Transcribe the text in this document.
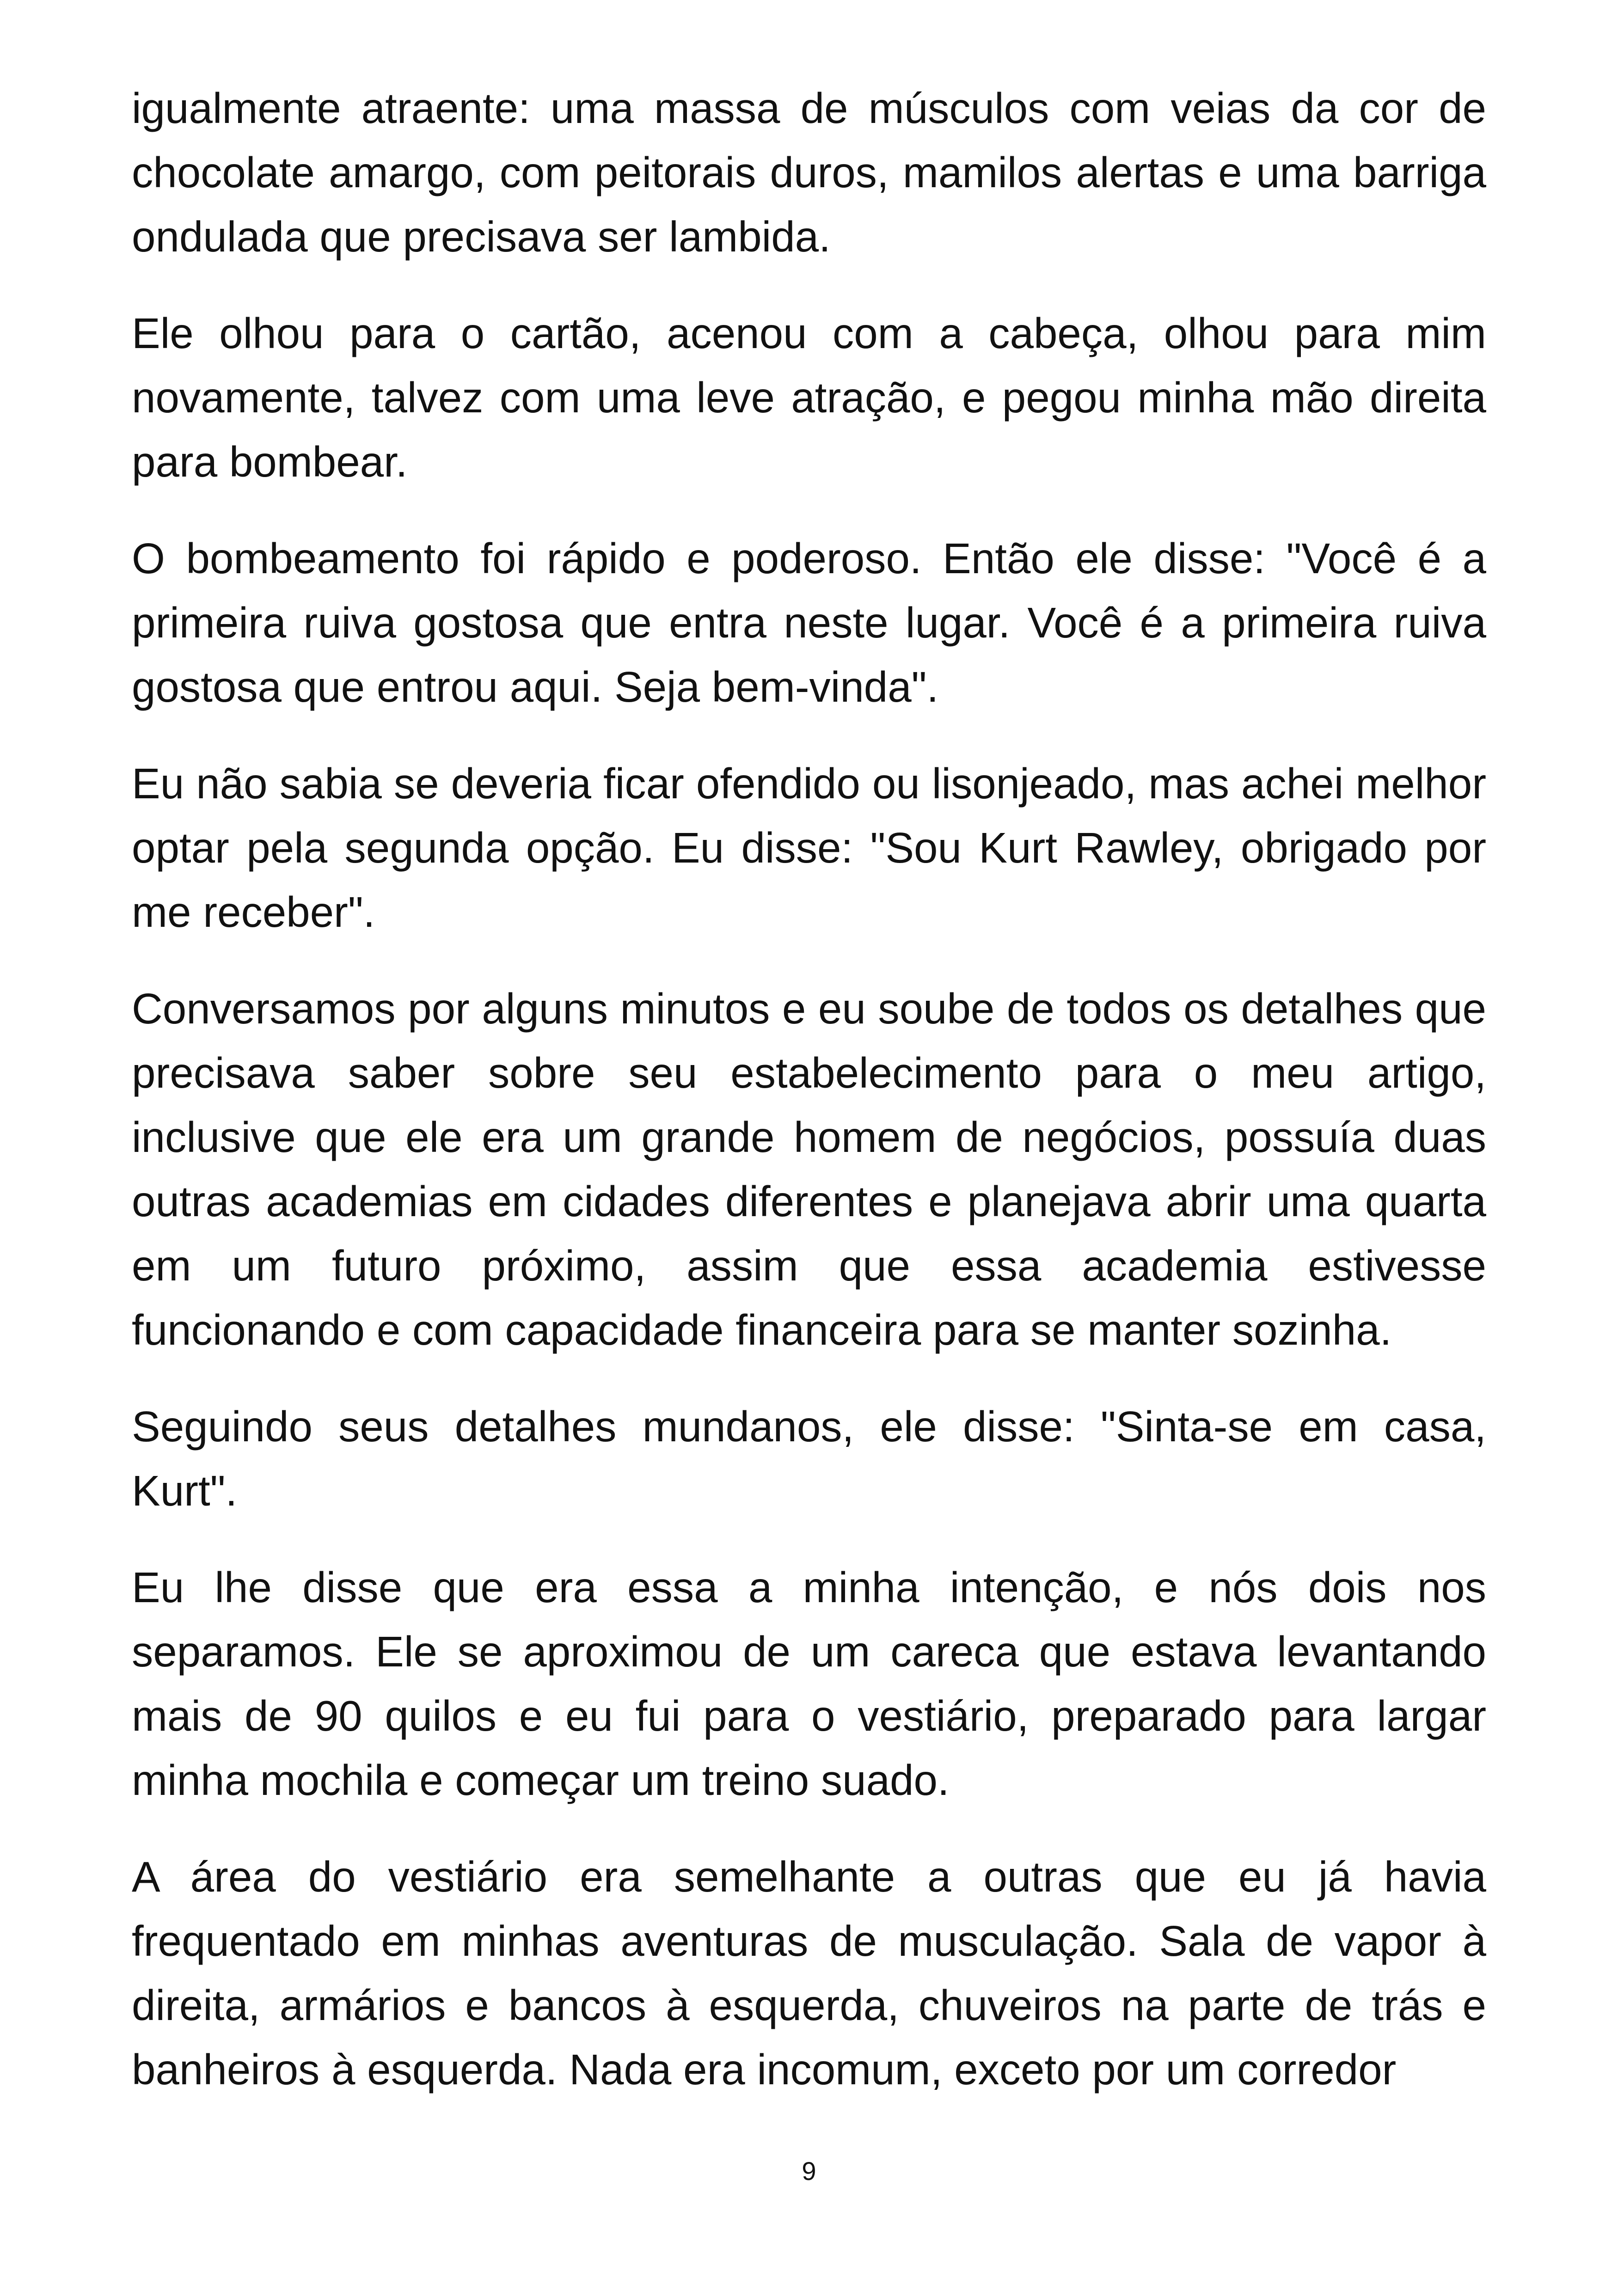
igualmente atraente: uma massa de músculos com veias da cor de chocolate amargo, com peitorais duros, mamilos alertas e uma barriga ondulada que precisava ser lambida.

Ele olhou para o cartão, acenou com a cabeça, olhou para mim novamente, talvez com uma leve atração, e pegou minha mão direita para bombear.

O bombeamento foi rápido e poderoso. Então ele disse: "Você é a primeira ruiva gostosa que entra neste lugar. Você é a primeira ruiva gostosa que entrou aqui. Seja bem-vinda".

Eu não sabia se deveria ficar ofendido ou lisonjeado, mas achei melhor optar pela segunda opção. Eu disse: "Sou Kurt Rawley, obrigado por me receber".

Conversamos por alguns minutos e eu soube de todos os detalhes que precisava saber sobre seu estabelecimento para o meu artigo, inclusive que ele era um grande homem de negócios, possuía duas outras academias em cidades diferentes e planejava abrir uma quarta em um futuro próximo, assim que essa academia estivesse funcionando e com capacidade financeira para se manter sozinha.

Seguindo seus detalhes mundanos, ele disse: "Sinta-se em casa, Kurt".

Eu lhe disse que era essa a minha intenção, e nós dois nos separamos. Ele se aproximou de um careca que estava levantando mais de 90 quilos e eu fui para o vestiário, preparado para largar minha mochila e começar um treino suado.

A área do vestiário era semelhante a outras que eu já havia frequentado em minhas aventuras de musculação. Sala de vapor à direita, armários e bancos à esquerda, chuveiros na parte de trás e banheiros à esquerda. Nada era incomum, exceto por um corredor

9
